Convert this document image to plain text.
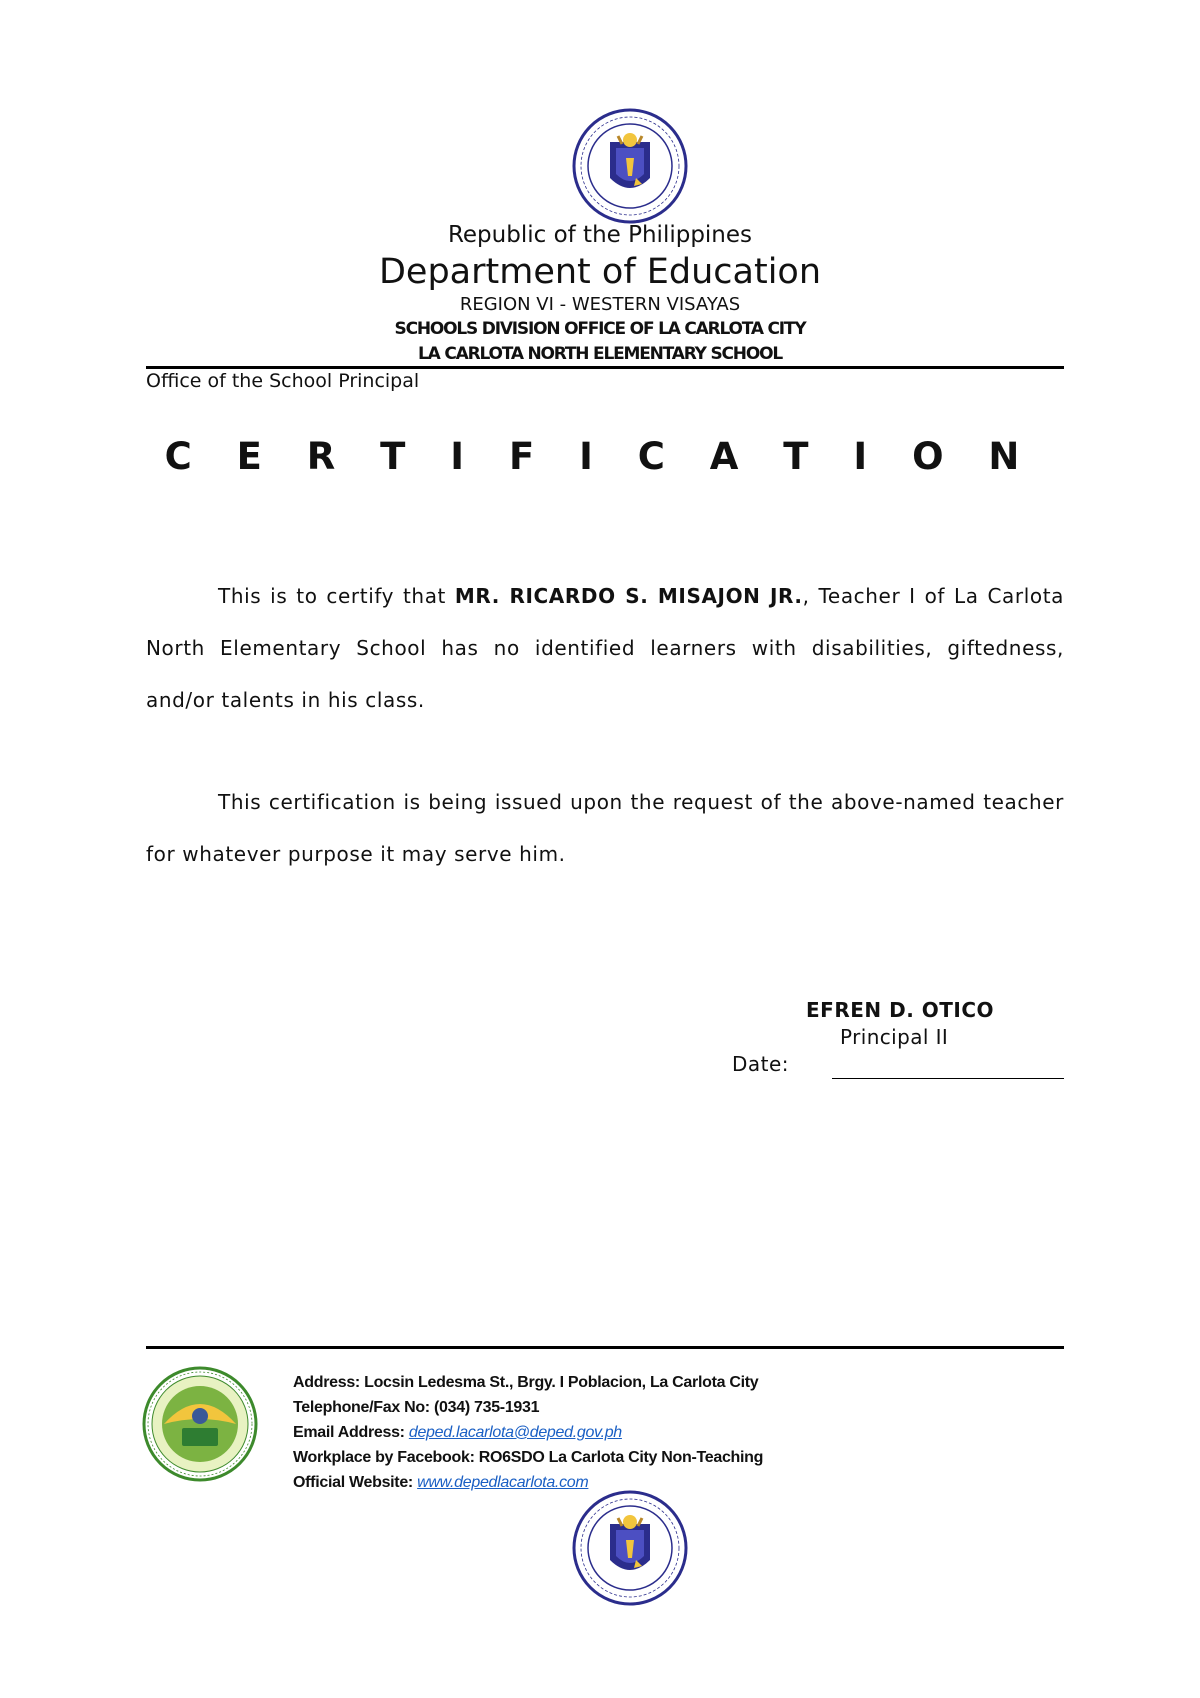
Republic of the Philippines
Department of Education
REGION VI - WESTERN VISAYAS
SCHOOLS DIVISION OFFICE OF LA CARLOTA CITY
LA CARLOTA NORTH ELEMENTARY SCHOOL
Office of the School Principal
C E R T I F I C A T I O N
This is to certify that MR. RICARDO S. MISAJON JR., Teacher I of La Carlota North Elementary School has no identified learners with disabilities, giftedness, and/or talents in his class.
This certification is being issued upon the request of the above-named teacher for whatever purpose it may serve him.
EFREN D. OTICO
Principal II
Date:
Address: Locsin Ledesma St., Brgy. I Poblacion, La Carlota City
Telephone/Fax No: (034) 735-1931
Email Address: deped.lacarlota@deped.gov.ph
Workplace by Facebook: RO6SDO La Carlota City Non-Teaching
Official Website: www.depedlacarlota.com
